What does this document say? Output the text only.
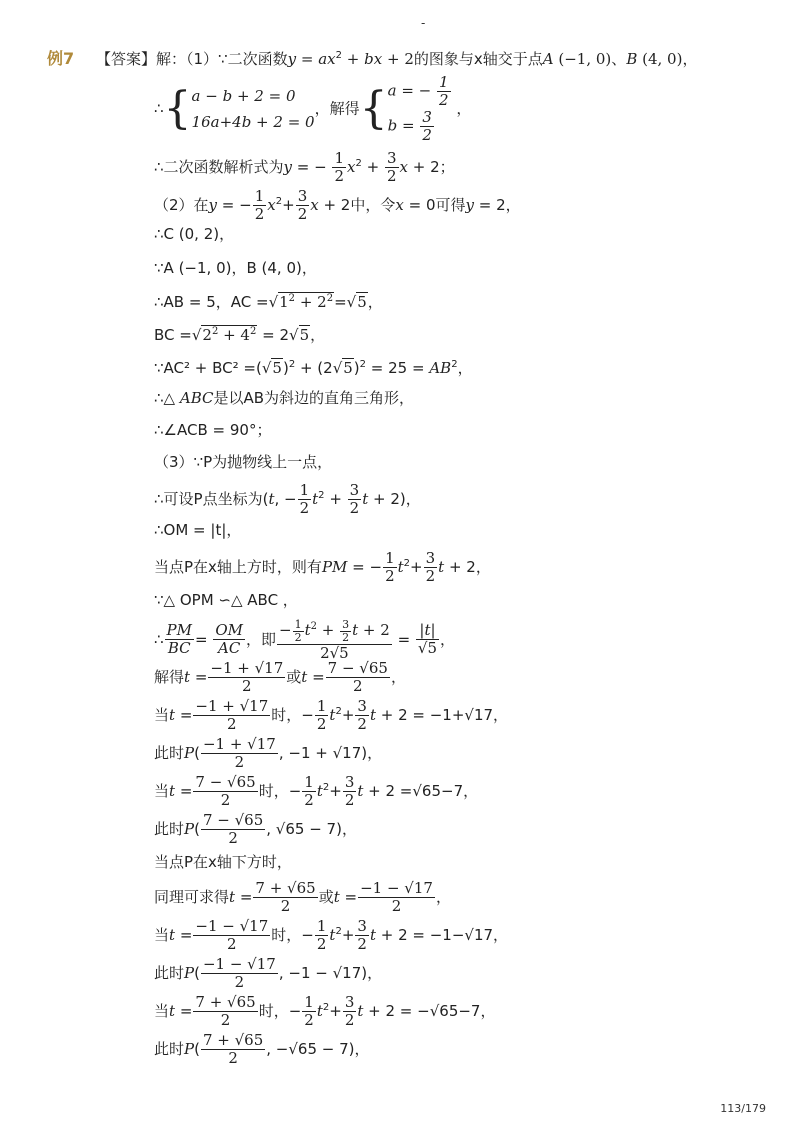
-
例7 【答案】解：（1）∵二次函数$y = ax^2$ + bx + 2的图象与x轴交于点A (−1, 0)、B (4, 0)，
∴{ a − b + 2 = 0
16a+4b + 2 = 0
，解得{ a = − $\frac{1}{2}$
$b = \frac{3}{2}$
，
∴二次函数解析式为y = − $\frac{1}{2} x^2 + \frac{3}{2}$ x + 2；
（2）在y = − $\frac{1}{2} x^2+ \frac{3}{2}$ x + 2中，令x = 0可得y = 2，
∴C (0, 2)，
∵A (−1, 0)，B (4, 0)，
∴AB = 5，AC $=√1^2 + 2^2=√5$，
BC $=√2^2 + 4^2 = 2√5$，
∵AC² + $BC^2 =(√5)^2 + (2√5)^2 = 25 = AB^2$，
∴△ ABC是以AB为斜边的直角三角形，
∴∠ACB = 90°；
（3）∵P为抛物线上一点，
∴可设P点坐标为(t, − $\frac{1}{2} t^2 + \frac{3}{2}$ t + 2)，
∴OM = |t|，
当点P在x轴上方时，则有PM = − $\frac{1}{2} t^2+ \frac{3}{2}$ t + 2，
∵△ OPM ∽△ ABC ，
∴ $\frac{PM}{BC} = \frac{OM}{AC}$ ，即 $\frac{- \frac{1}{2} t^2 + \frac{3}{2} t + 2}{2√5} = \frac{|t|}{√5}$ ，
解得$t = \frac{-1 + √17}{2}$ 或$t = \frac{7 - √65}{2}$ ，
当$t = \frac{-1 + √17}{2}$ 时，− $\frac{1}{2} t^2+ \frac{3}{2}$ t + 2 = −1+√17，
此时$P( \frac{-1 + √17}{2}$ , −1 + √17)，
当$t = \frac{7 - √65}{2}$ 时，− $\frac{1}{2} t^2+ \frac{3}{2}$ t + 2 =√65−7，
此时$P( \frac{7 - √65}{2}$ , √65 − 7)，
当点P在x轴下方时，
同理可求得$t = \frac{7 + √65}{2}$ 或$t = \frac{-1 - √17}{2}$ ，
当$t = \frac{-1 - √17}{2}$ 时，− $\frac{1}{2} t^2+ \frac{3}{2}$ t + 2 = −1−√17，
此时$P( \frac{-1 - √17}{2}$ , −1 − √17)，
当$t = \frac{7 + √65}{2}$ 时，− $\frac{1}{2} t^2+ \frac{3}{2}$ t + 2 = −√65−7，
此时$P( \frac{7 + √65}{2}$ , −√65 − 7)，
113/179
